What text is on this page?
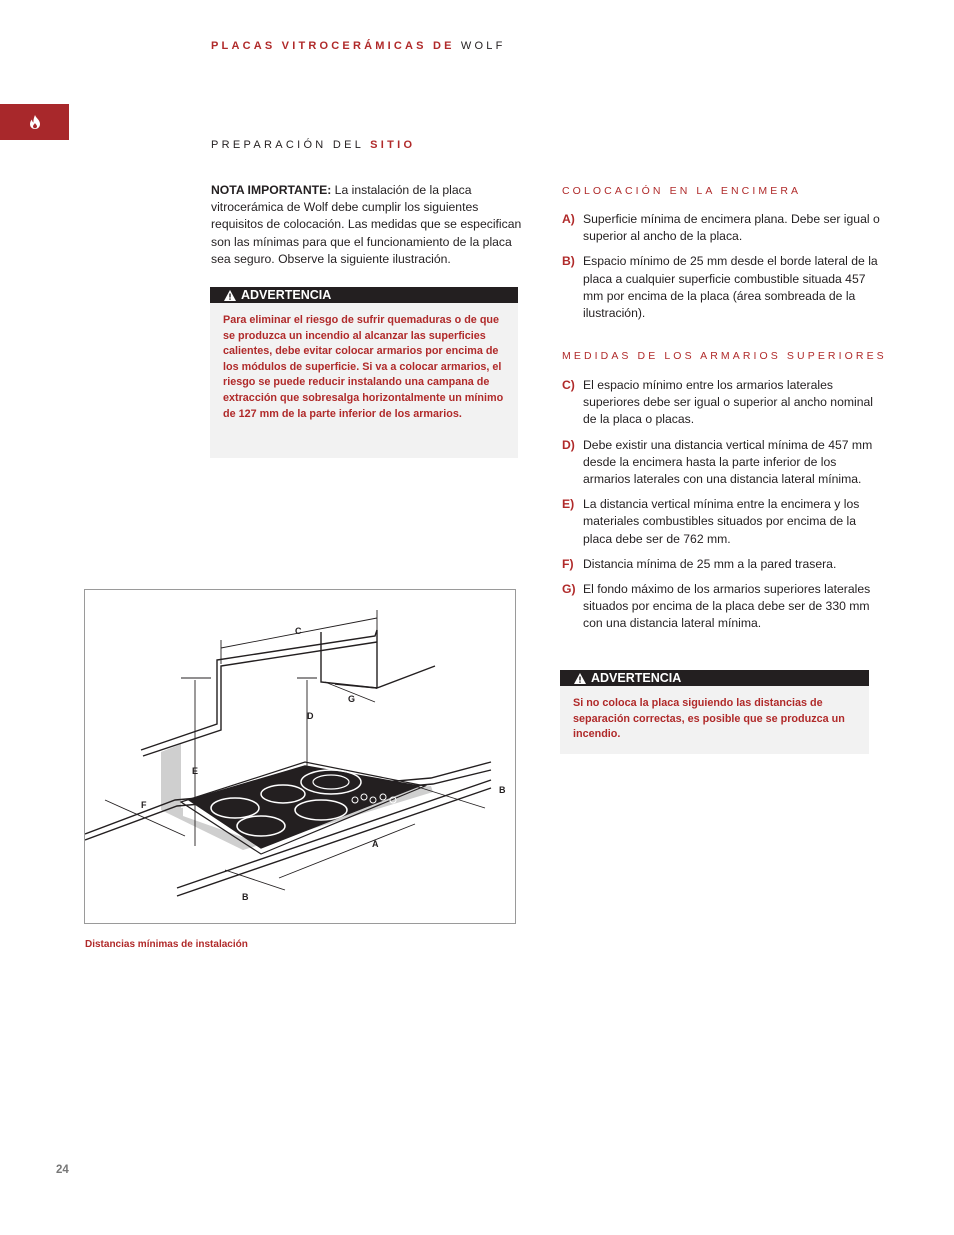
PLACAS VITROCERÁMICAS DE WOLF
PREPARACIÓN DEL SITIO
NOTA IMPORTANTE: La instalación de la placa vitrocerámica de Wolf debe cumplir los siguientes requisitos de colocación. Las medidas que se especifican son las mínimas para que el funcionamiento de la placa sea seguro. Observe la siguiente ilustración.
ADVERTENCIA
Para eliminar el riesgo de sufrir quemaduras o de que se produzca un incendio al alcanzar las superficies calientes, debe evitar colocar armarios por encima de los módulos de superficie. Si va a colocar armarios, el riesgo se puede reducir instalando una campana de extracción que sobresalga horizontalmente un mínimo de 127 mm de la parte inferior de los armarios.
COLOCACIÓN EN LA ENCIMERA
A) Superficie mínima de encimera plana. Debe ser igual o superior al ancho de la placa.
B) Espacio mínimo de 25 mm desde el borde lateral de la placa a cualquier superficie combustible situada 457 mm por encima de la placa (área sombreada de la ilustración).
MEDIDAS DE LOS ARMARIOS SUPERIORES
C) El espacio mínimo entre los armarios laterales superiores debe ser igual o superior al ancho nominal de la placa o placas.
D) Debe existir una distancia vertical mínima de 457 mm desde la encimera hasta la parte inferior de los armarios laterales con una distancia lateral mínima.
E) La distancia vertical mínima entre la encimera y los materiales combustibles situados por encima de la placa debe ser de 762 mm.
F) Distancia mínima de 25 mm a la pared trasera.
G) El fondo máximo de los armarios superiores laterales situados por encima de la placa debe ser de 330 mm con una distancia lateral mínima.
ADVERTENCIA
Si no coloca la placa siguiendo las distancias de separación correctas, es posible que se produzca un incendio.
C
D
G
E
F
A
B
B
Distancias mínimas de instalación
24
